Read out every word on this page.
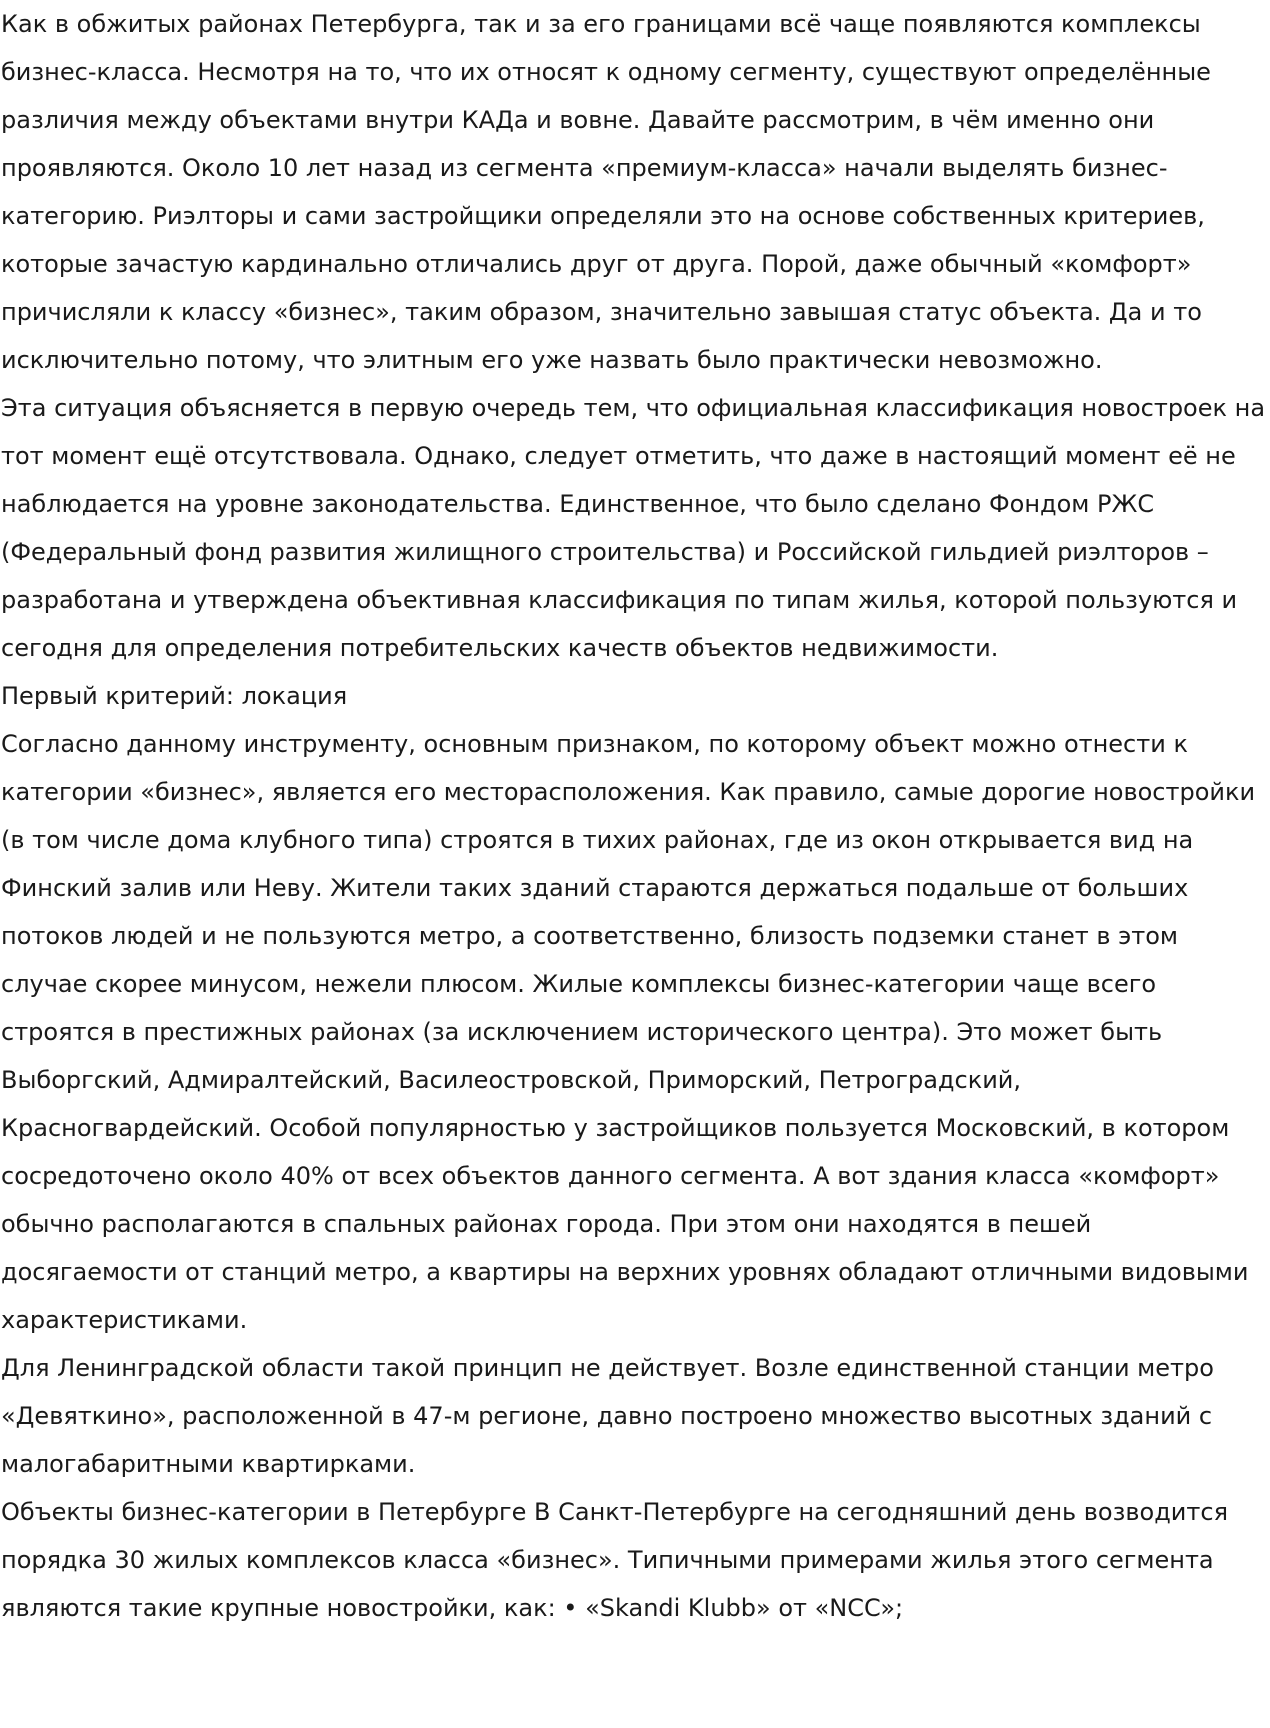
Как в обжитых районах Петербурга, так и за его границами всё чаще появляются комплексы бизнес-класса. Несмотря на то, что их относят к одному сегменту, существуют определённые различия между объектами внутри КАДа и вовне. Давайте рассмотрим, в чём именно они проявляются. Около 10 лет назад из сегмента «премиум-класса» начали выделять бизнес-категорию. Риэлторы и сами застройщики определяли это на основе собственных критериев, которые зачастую кардинально отличались друг от друга. Порой, даже обычный «комфорт» причисляли к классу «бизнес», таким образом, значительно завышая статус объекта. Да и то исключительно потому, что элитным его уже назвать было практически невозможно.

Эта ситуация объясняется в первую очередь тем, что официальная классификация новостроек на тот момент ещё отсутствовала. Однако, следует отметить, что даже в настоящий момент её не наблюдается на уровне законодательства. Единственное, что было сделано Фондом РЖС (Федеральный фонд развития жилищного строительства) и Российской гильдией риэлторов – разработана и утверждена объективная классификация по типам жилья, которой пользуются и сегодня для определения потребительских качеств объектов недвижимости.

Первый критерий: локация

Согласно данному инструменту, основным признаком, по которому объект можно отнести к категории «бизнес», является его месторасположения. Как правило, самые дорогие новостройки (в том числе дома клубного типа) строятся в тихих районах, где из окон открывается вид на Финский залив или Неву. Жители таких зданий стараются держаться подальше от больших потоков людей и не пользуются метро, а соответственно, близость подземки станет в этом случае скорее минусом, нежели плюсом. Жилые комплексы бизнес-категории чаще всего строятся в престижных районах (за исключением исторического центра). Это может быть Выборгский, Адмиралтейский, Василеостровской, Приморский, Петроградский, Красногвардейский. Особой популярностью у застройщиков пользуется Московский, в котором сосредоточено около 40% от всех объектов данного сегмента. А вот здания класса «комфорт» обычно располагаются в спальных районах города. При этом они находятся в пешей досягаемости от станций метро, а квартиры на верхних уровнях обладают отличными видовыми характеристиками.

Для Ленинградской области такой принцип не действует. Возле единственной станции метро «Девяткино», расположенной в 47-м регионе, давно построено множество высотных зданий с малогабаритными квартирками.

Объекты бизнес-категории в Петербурге В Санкт-Петербурге на сегодняшний день возводится порядка 30 жилых комплексов класса «бизнес». Типичными примерами жилья этого сегмента являются такие крупные новостройки, как: • «Skandi Klubb» от «NCC»;
